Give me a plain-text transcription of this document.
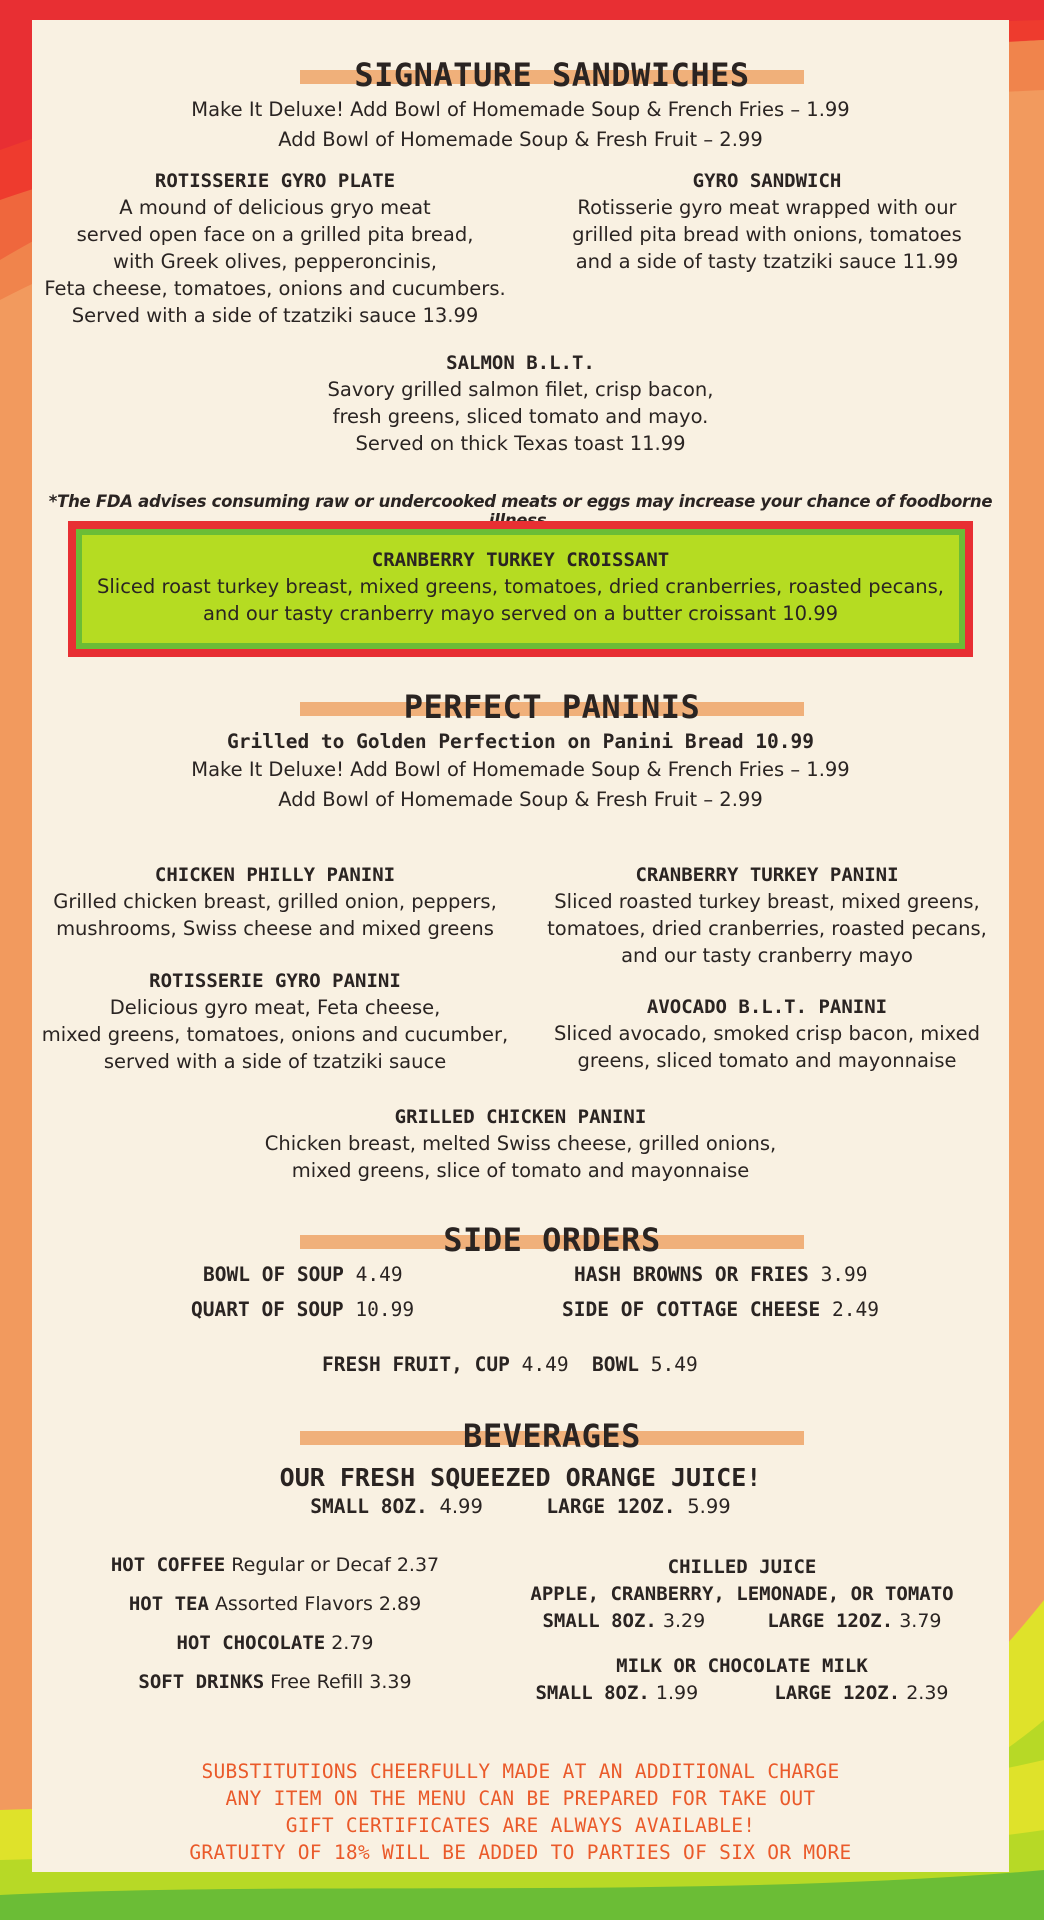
SIGNATURE SANDWICHES
Make It Deluxe! Add Bowl of Homemade Soup & French Fries – 1.99
Add Bowl of Homemade Soup & Fresh Fruit – 2.99
ROTISSERIE GYRO PLATE
A mound of delicious gryo meat
served open face on a grilled pita bread,
with Greek olives, pepperoncinis,
Feta cheese, tomatoes, onions and cucumbers.
Served with a side of tzatziki sauce 13.99
GYRO SANDWICH
Rotisserie gyro meat wrapped with our
grilled pita bread with onions, tomatoes
and a side of tasty tzatziki sauce 11.99
SALMON B.L.T.
Savory grilled salmon filet, crisp bacon,
fresh greens, sliced tomato and mayo.
Served on thick Texas toast 11.99
*The FDA advises consuming raw or undercooked meats or eggs may increase your chance of foodborne
PERFECT PANINIS
Grilled to Golden Perfection on Panini Bread 10.99
Make It Deluxe! Add Bowl of Homemade Soup & French Fries – 1.99
Add Bowl of Homemade Soup & Fresh Fruit – 2.99
CHICKEN PHILLY PANINI
Grilled chicken breast, grilled onion, peppers,
mushrooms, Swiss cheese and mixed greens
CRANBERRY TURKEY PANINI
Sliced roasted turkey breast, mixed greens,
tomatoes, dried cranberries, roasted pecans,
and our tasty cranberry mayo
ROTISSERIE GYRO PANINI
Delicious gyro meat, Feta cheese,
mixed greens, tomatoes, onions and cucumber,
served with a side of tzatziki sauce
AVOCADO B.L.T. PANINI
Sliced avocado, smoked crisp bacon, mixed
greens, sliced tomato and mayonnaise
GRILLED CHICKEN PANINI
Chicken breast, melted Swiss cheese, grilled onions,
mixed greens, slice of tomato and mayonnaise
SIDE ORDERS
BOWL OF SOUP 4.49	HASH BROWNS OR FRIES 3.99
QUART OF SOUP 10.99	SIDE OF COTTAGE CHEESE 2.49
FRESH FRUIT, CUP 4.49 BOWL 5.49
BEVERAGES
OUR FRESH SQUEEZED ORANGE JUICE!
SMALL 8OZ. 4.99	LARGE 12OZ. 5.99
HOT COFFEE Regular or Decaf 2.37
HOT TEA Assorted Flavors 2.89
HOT CHOCOLATE 2.79
SOFT DRINKS Free Refill 3.39
CHILLED JUICE
APPLE, CRANBERRY, LEMONADE, OR TOMATO
SMALL 8OZ. 3.29	LARGE 12OZ. 3.79
MILK OR CHOCOLATE MILK
SMALL 8OZ. 1.99	LARGE 12OZ. 2.39
SUBSTITUTIONS CHEERFULLY MADE AT AN ADDITIONAL CHARGE
ANY ITEM ON THE MENU CAN BE PREPARED FOR TAKE OUT
GIFT CERTIFICATES ARE ALWAYS AVAILABLE!
GRATUITY OF 18% WILL BE ADDED TO PARTIES OF SIX OR MORE
CRANBERRY TURKEY CROISSANT
Sliced roast turkey breast, mixed greens, tomatoes, dried cranberries, roasted pecans,
and our tasty cranberry mayo served on a butter croissant 10.99
